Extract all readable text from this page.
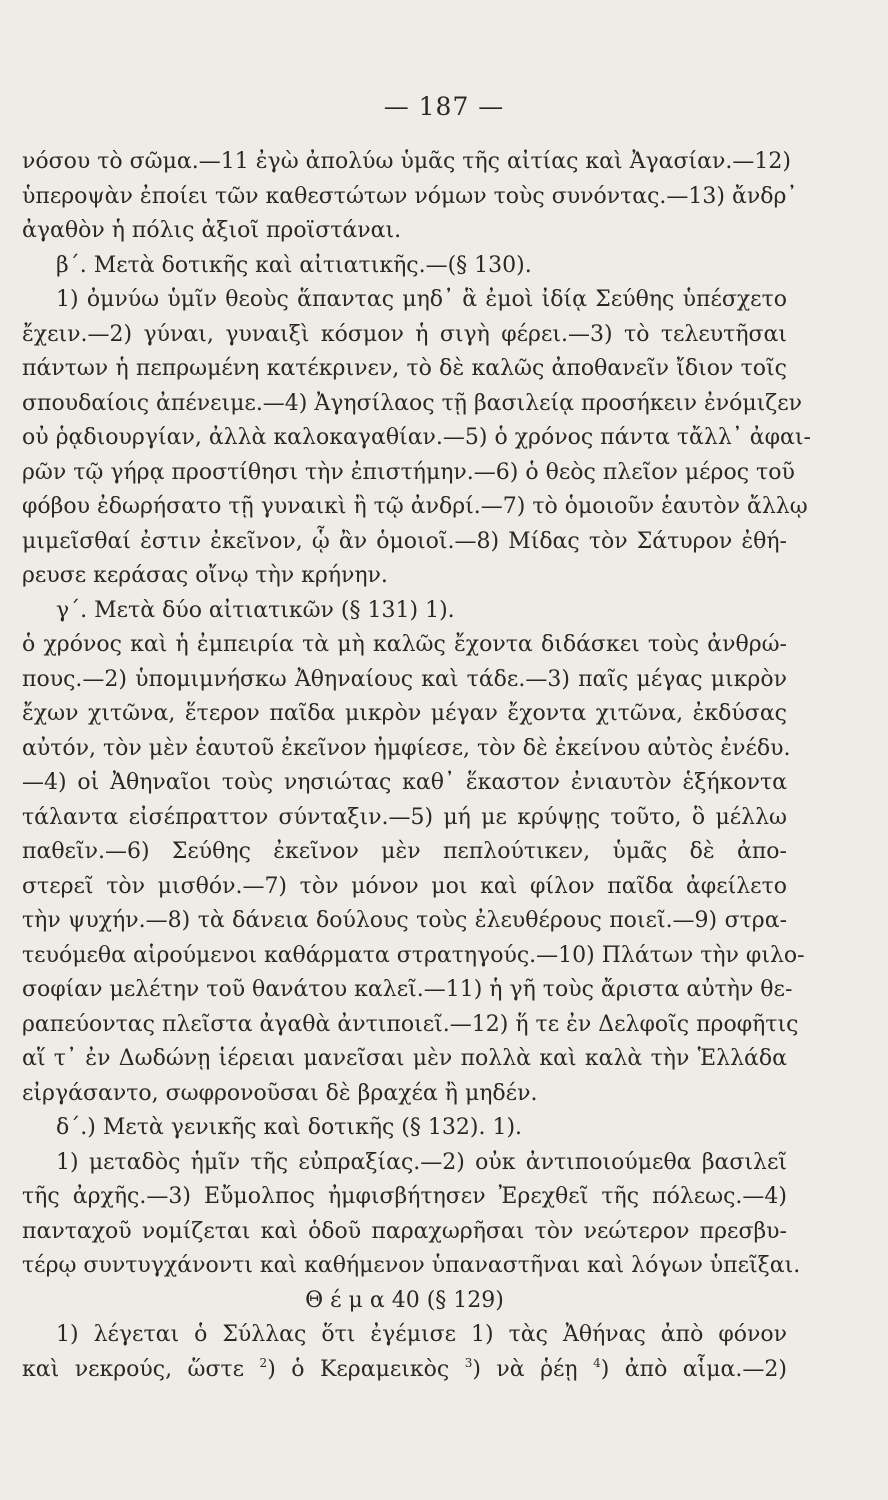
— 187 —
νόσου τὸ σῶμα.—11 ἐγὼ ἀπολύω ὑμᾶς τῆς αἰτίας καὶ Ἀγασίαν.—12)
ὑπεροψὰν ἐποίει τῶν καθεστώτων νόμων τοὺς συνόντας.—13) ἄνδρ᾽
ἀγαθὸν ἡ πόλις ἀξιοῖ προϊστάναι.
β΄. Μετὰ δοτικῆς καὶ αἰτιατικῆς.—(§ 130).
1) ὀμνύω ὑμῖν θεοὺς ἅπαντας μηδ᾽ ἃ ἐμοὶ ἰδίᾳ Σεύθης ὑπέσχετο
ἔχειν.—2) γύναι, γυναιξὶ κόσμον ἡ σιγὴ φέρει.—3) τὸ τελευτῆσαι
πάντων ἡ πεπρωμένη κατέκρινεν, τὸ δὲ καλῶς ἀποθανεῖν ἴδιον τοῖς
σπουδαίοις ἀπένειμε.—4) Ἀγησίλαος τῇ βασιλείᾳ προσήκειν ἐνόμιζεν
οὐ ῥᾳδιουργίαν, ἀλλὰ καλοκαγαθίαν.—5) ὁ χρόνος πάντα τἄλλ᾽ ἀφαι-
ρῶν τῷ γήρᾳ προστίθησι τὴν ἐπιστήμην.—6) ὁ θεὸς πλεῖον μέρος τοῦ
φόβου ἐδωρήσατο τῇ γυναικὶ ἢ τῷ ἀνδρί.—7) τὸ ὁμοιοῦν ἑαυτὸν ἄλλῳ
μιμεῖσθαί ἐστιν ἐκεῖνον, ᾧ ἂν ὁμοιοῖ.—8) Μίδας τὸν Σάτυρον ἐθή-
ρευσε κεράσας οἴνῳ τὴν κρήνην.
γ΄. Μετὰ δύο αἰτιατικῶν (§ 131) 1).
ὁ χρόνος καὶ ἡ ἐμπειρία τὰ μὴ καλῶς ἔχοντα διδάσκει τοὺς ἀνθρώ-
πους.—2) ὑπομιμνήσκω Ἀθηναίους καὶ τάδε.—3) παῖς μέγας μικρὸν
ἔχων χιτῶνα, ἕτερον παῖδα μικρὸν μέγαν ἔχοντα χιτῶνα, ἐκδύσας
αὐτόν, τὸν μὲν ἑαυτοῦ ἐκεῖνον ἠμφίεσε, τὸν δὲ ἐκείνου αὐτὸς ἐνέδυ.
—4) οἱ Ἀθηναῖοι τοὺς νησιώτας καθ᾽ ἕκαστον ἐνιαυτὸν ἑξήκοντα
τάλαντα εἰσέπραττον σύνταξιν.—5) μή με κρύψῃς τοῦτο, ὃ μέλλω
παθεῖν.—6) Σεύθης ἐκεῖνον μὲν πεπλούτικεν, ὑμᾶς δὲ ἀπο-
στερεῖ τὸν μισθόν.—7) τὸν μόνον μοι καὶ φίλον παῖδα ἀφείλετο
τὴν ψυχήν.—8) τὰ δάνεια δούλους τοὺς ἐλευθέρους ποιεῖ.—9) στρα-
τευόμεθα αἱρούμενοι καθάρματα στρατηγούς.—10) Πλάτων τὴν φιλο-
σοφίαν μελέτην τοῦ θανάτου καλεῖ.—11) ἡ γῆ τοὺς ἄριστα αὐτὴν θε-
ραπεύοντας πλεῖστα ἀγαθὰ ἀντιποιεῖ.—12) ἥ τε ἐν Δελφοῖς προφῆτις
αἵ τ᾽ ἐν Δωδώνῃ ἱέρειαι μανεῖσαι μὲν πολλὰ καὶ καλὰ τὴν Ἑλλάδα
εἰργάσαντο, σωφρονοῦσαι δὲ βραχέα ἢ μηδέν.
δ΄.) Μετὰ γενικῆς καὶ δοτικῆς (§ 132). 1).
1) μεταδὸς ἡμῖν τῆς εὐπραξίας.—2) οὐκ ἀντιποιούμεθα βασιλεῖ
τῆς ἀρχῆς.—3) Εὔμολπος ἠμφισβήτησεν Ἐρεχθεῖ τῆς πόλεως.—4)
πανταχοῦ νομίζεται καὶ ὁδοῦ παραχωρῆσαι τὸν νεώτερον πρεσβυ-
τέρῳ συντυγχάνοντι καὶ καθήμενον ὑπαναστῆναι καὶ λόγων ὑπεῖξαι.
Θ έ μ α 40 (§ 129)
1) λέγεται ὁ Σύλλας ὅτι ἐγέμισε 1) τὰς Ἀθήνας ἀπὸ φόνον
καὶ νεκρούς, ὥστε $^2$) ὁ Κεραμεικὸς $^3$) νὰ ῥέῃ $^4$) ἀπὸ αἷμα.—2)
